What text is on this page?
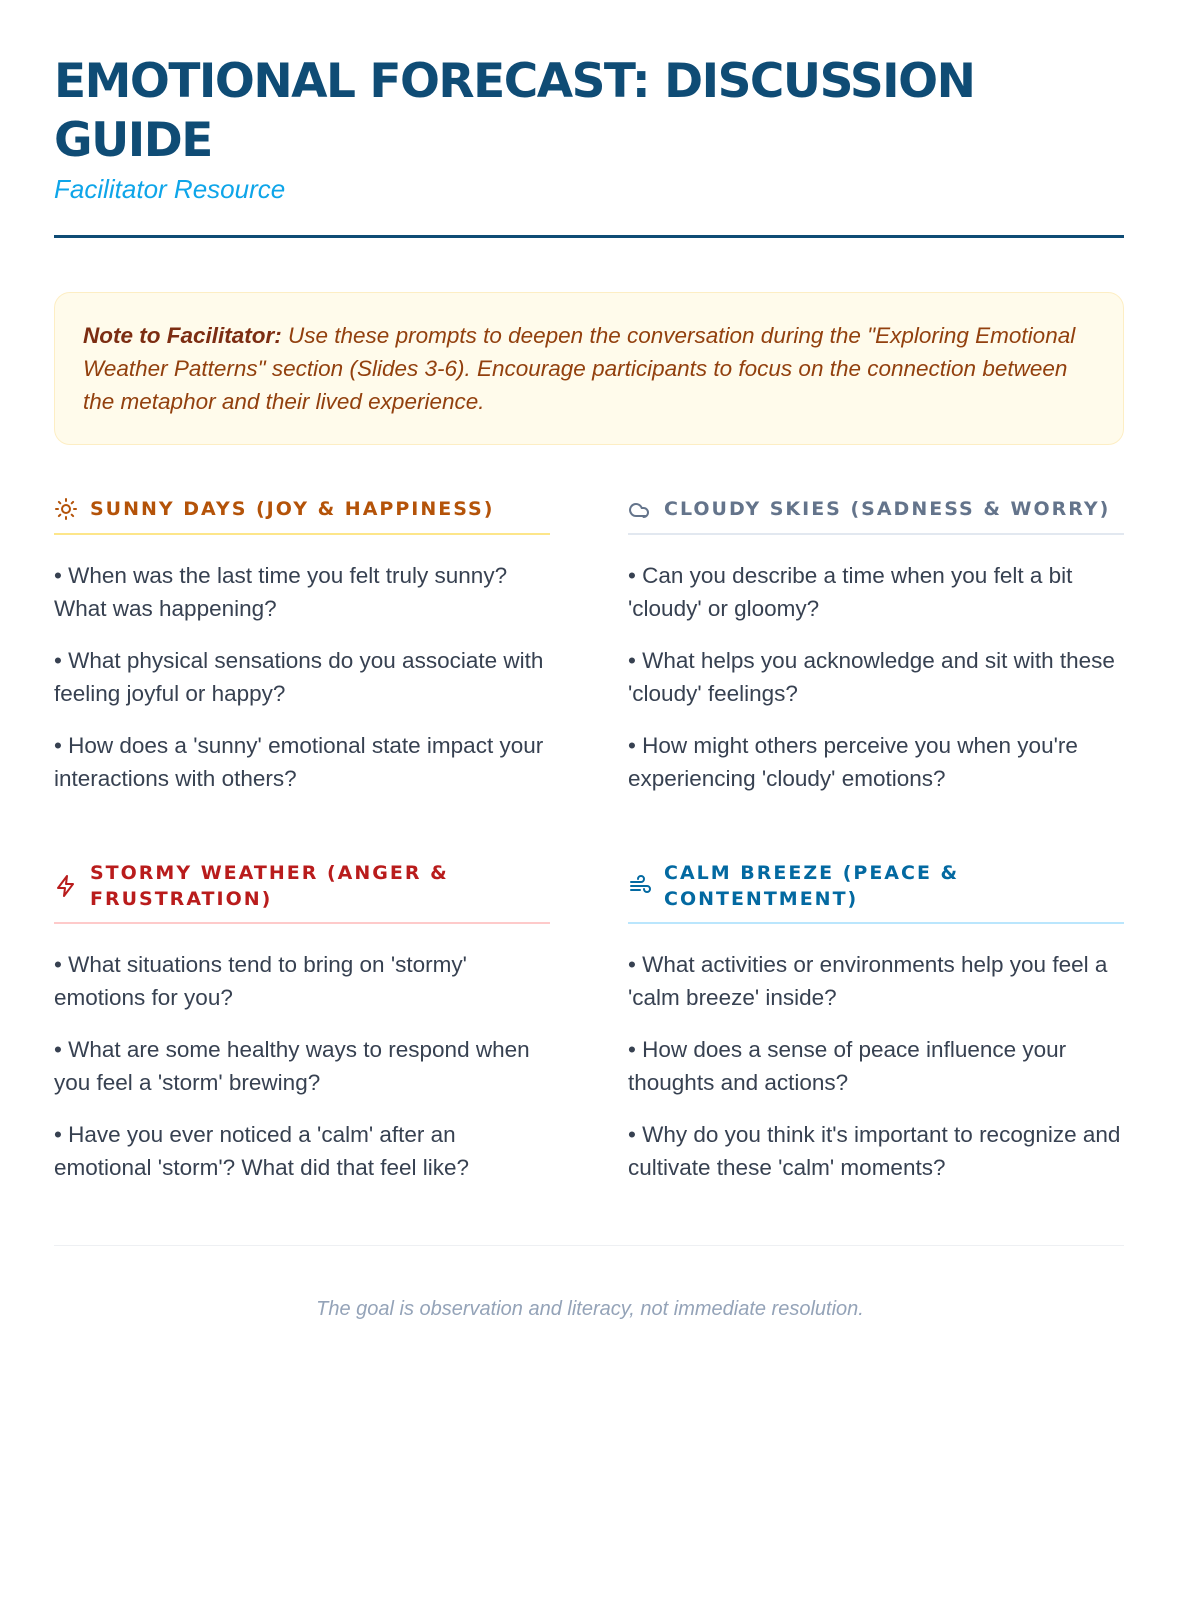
EMOTIONAL FORECAST: DISCUSSION GUIDE
Facilitator Resource
Note to Facilitator: Use these prompts to deepen the conversation during the "Exploring Emotional Weather Patterns" section (Slides 3-6). Encourage participants to focus on the connection between the metaphor and their lived experience.
SUNNY DAYS (JOY & HAPPINESS)
• When was the last time you felt truly sunny? What was happening?
• What physical sensations do you associate with feeling joyful or happy?
• How does a 'sunny' emotional state impact your interactions with others?
CLOUDY SKIES (SADNESS & WORRY)
• Can you describe a time when you felt a bit 'cloudy' or gloomy?
• What helps you acknowledge and sit with these 'cloudy' feelings?
• How might others perceive you when you're experiencing 'cloudy' emotions?
STORMY WEATHER (ANGER & FRUSTRATION)
• What situations tend to bring on 'stormy' emotions for you?
• What are some healthy ways to respond when you feel a 'storm' brewing?
• Have you ever noticed a 'calm' after an emotional 'storm'? What did that feel like?
CALM BREEZE (PEACE & CONTENTMENT)
• What activities or environments help you feel a 'calm breeze' inside?
• How does a sense of peace influence your thoughts and actions?
• Why do you think it's important to recognize and cultivate these 'calm' moments?
The goal is observation and literacy, not immediate resolution.
